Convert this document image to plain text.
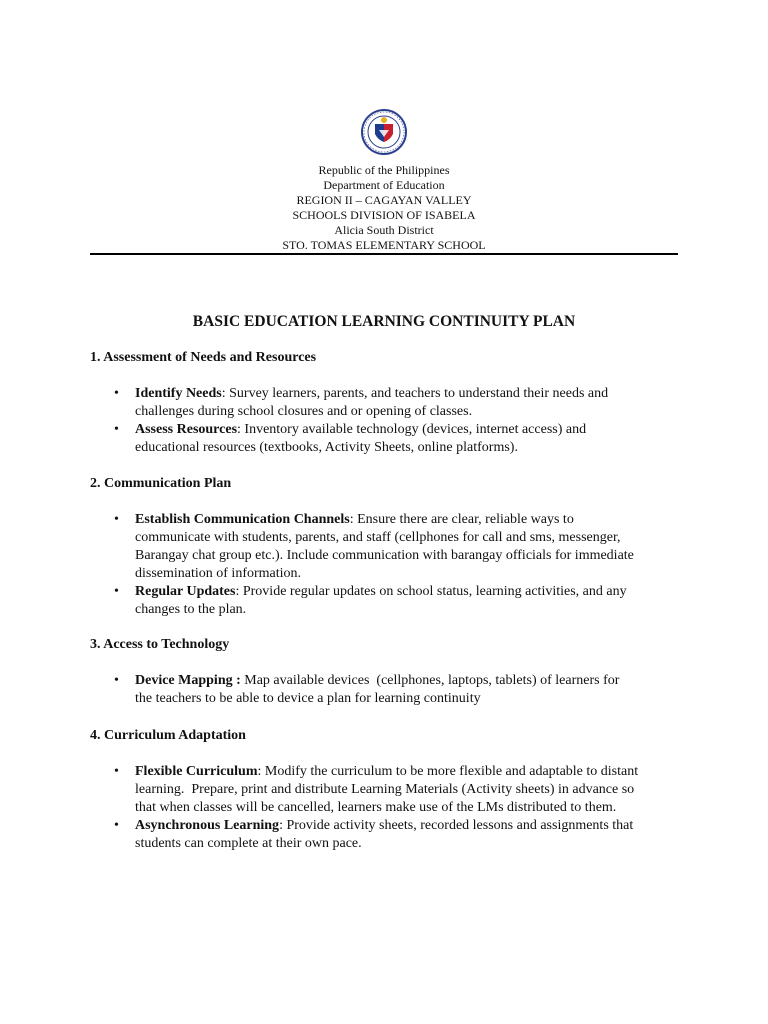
Republic of the Philippines
Department of Education
REGION II – CAGAYAN VALLEY
SCHOOLS DIVISION OF ISABELA
Alicia South District
STO. TOMAS ELEMENTARY SCHOOL
BASIC EDUCATION LEARNING CONTINUITY PLAN
1. Assessment of Needs and Resources
• Identify Needs: Survey learners, parents, and teachers to understand their needs and
challenges during school closures and or opening of classes.
• Assess Resources: Inventory available technology (devices, internet access) and
educational resources (textbooks, Activity Sheets, online platforms).
2. Communication Plan
• Establish Communication Channels: Ensure there are clear, reliable ways to
communicate with students, parents, and staff (cellphones for call and sms, messenger,
Barangay chat group etc.). Include communication with barangay officials for immediate
dissemination of information.
• Regular Updates: Provide regular updates on school status, learning activities, and any
changes to the plan.
3. Access to Technology
• Device Mapping : Map available devices  (cellphones, laptops, tablets) of learners for
the teachers to be able to device a plan for learning continuity
4. Curriculum Adaptation
• Flexible Curriculum: Modify the curriculum to be more flexible and adaptable to distant
learning.  Prepare, print and distribute Learning Materials (Activity sheets) in advance so
that when classes will be cancelled, learners make use of the LMs distributed to them.
• Asynchronous Learning: Provide activity sheets, recorded lessons and assignments that
students can complete at their own pace.
